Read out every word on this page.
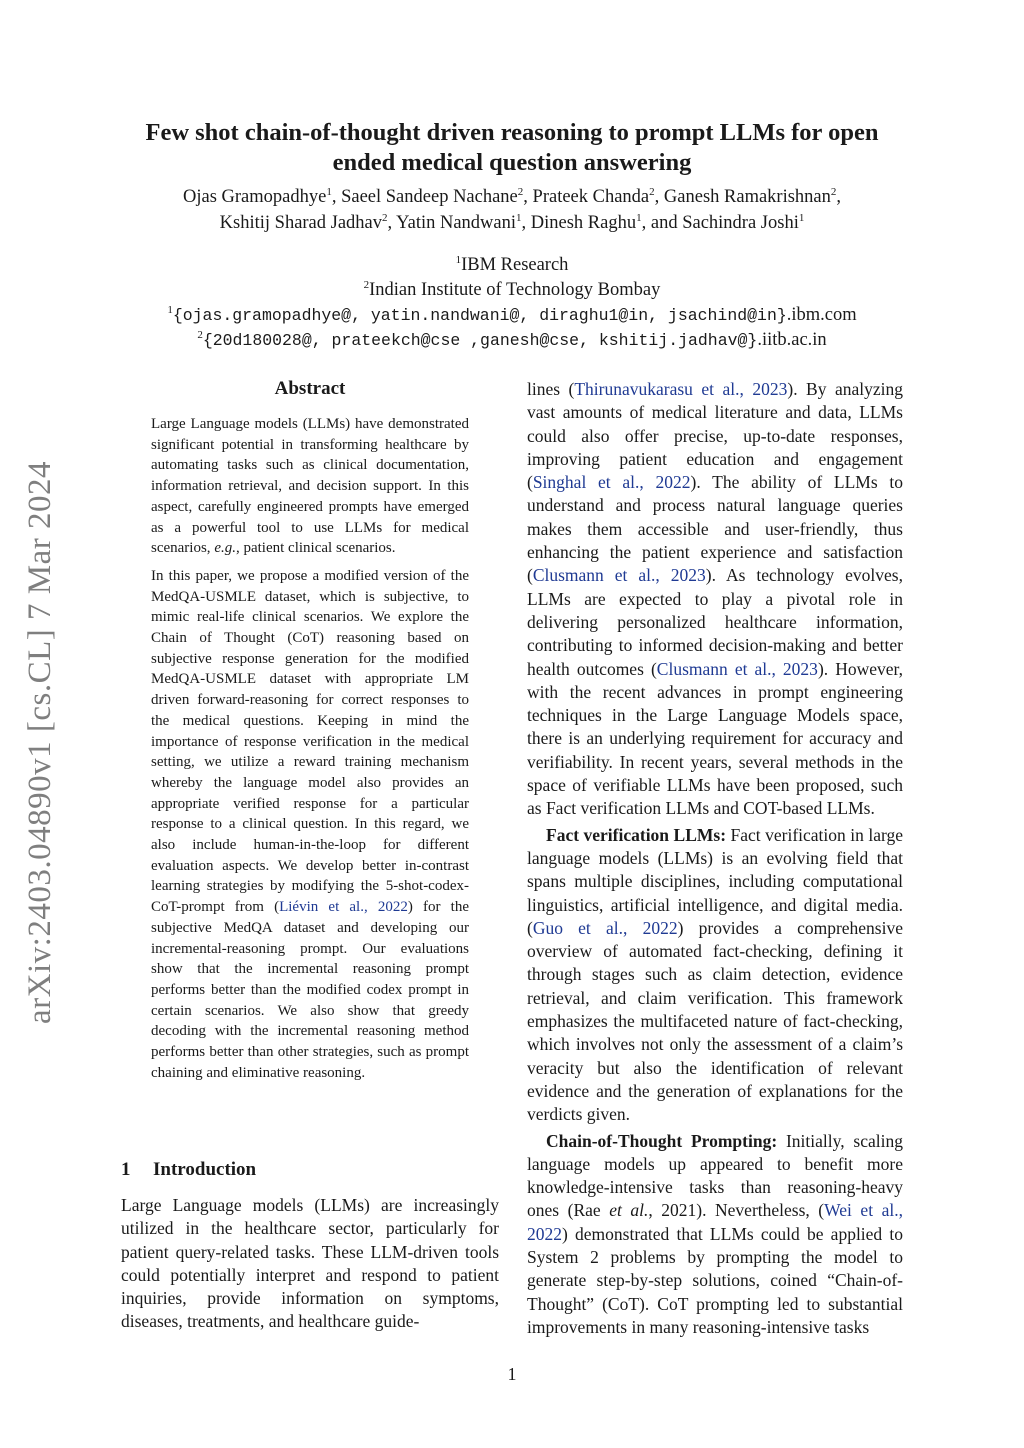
arXiv:2403.04890v1 [cs.CL] 7 Mar 2024
Few shot chain-of-thought driven reasoning to prompt LLMs for open
ended medical question answering
Ojas Gramopadhye$^1$, Saeel Sandeep Nachane$^2$, Prateek Chanda$^2$, Ganesh Ramakrishnan$^2$,
Kshitij Sharad Jadhav$^2$, Yatin Nandwani$^1$, Dinesh Raghu$^1$, and Sachindra Joshi$^1$
$^1$IBM Research
$^2$Indian Institute of Technology Bombay
$^1${ojas.gramopadhye@, yatin.nandwani@, diraghu1@in, jsachind@in}.ibm.com
$^2${20d180028@, prateekch@cse ,ganesh@cse, kshitij.jadhav@}.iitb.ac.in
Abstract

Large Language models (LLMs) have demonstrated significant potential in transforming healthcare by automating tasks such as clinical documentation, information retrieval, and decision support. In this aspect, carefully engineered prompts have emerged as a powerful tool to use LLMs for medical scenarios, e.g., patient clinical scenarios.

In this paper, we propose a modified version of the MedQA-USMLE dataset, which is subjective, to mimic real-life clinical scenarios. We explore the Chain of Thought (CoT) reasoning based on subjective response generation for the modified MedQA-USMLE dataset with appropriate LM driven forward-reasoning for correct responses to the medical questions. Keeping in mind the importance of response verification in the medical setting, we utilize a reward training mechanism whereby the language model also provides an appropriate verified response for a particular response to a clinical question. In this regard, we also include human-in-the-loop for different evaluation aspects. We develop better in-contrast learning strategies by modifying the 5-shot-codex-CoT-prompt from (Liévin et al., 2022) for the subjective MedQA dataset and developing our incremental-reasoning prompt. Our evaluations show that the incremental reasoning prompt performs better than the modified codex prompt in certain scenarios. We also show that greedy decoding with the incremental reasoning method performs better than other strategies, such as prompt chaining and eliminative reasoning.

1 Introduction

Large Language models (LLMs) are increasingly utilized in the healthcare sector, particularly for patient query-related tasks. These LLM-driven tools could potentially interpret and respond to patient inquiries, provide information on symptoms, diseases, treatments, and healthcare guide-

lines (Thirunavukarasu et al., 2023). By analyzing vast amounts of medical literature and data, LLMs could also offer precise, up-to-date responses, improving patient education and engagement (Singhal et al., 2022). The ability of LLMs to understand and process natural language queries makes them accessible and user-friendly, thus enhancing the patient experience and satisfaction (Clusmann et al., 2023). As technology evolves, LLMs are expected to play a pivotal role in delivering personalized healthcare information, contributing to informed decision-making and better health outcomes (Clusmann et al., 2023). However, with the recent advances in prompt engineering techniques in the Large Language Models space, there is an underlying requirement for accuracy and verifiability. In recent years, several methods in the space of verifiable LLMs have been proposed, such as Fact verification LLMs and COT-based LLMs.

Fact verification LLMs: Fact verification in large language models (LLMs) is an evolving field that spans multiple disciplines, including computational linguistics, artificial intelligence, and digital media. (Guo et al., 2022) provides a comprehensive overview of automated fact-checking, defining it through stages such as claim detection, evidence retrieval, and claim verification. This framework emphasizes the multifaceted nature of fact-checking, which involves not only the assessment of a claim’s veracity but also the identification of relevant evidence and the generation of explanations for the verdicts given.

Chain-of-Thought Prompting: Initially, scaling language models up appeared to benefit more knowledge-intensive tasks than reasoning-heavy ones (Rae et al., 2021). Nevertheless, (Wei et al., 2022) demonstrated that LLMs could be applied to System 2 problems by prompting the model to generate step-by-step solutions, coined “Chain-of-Thought” (CoT). CoT prompting led to substantial improvements in many reasoning-intensive tasks

1
